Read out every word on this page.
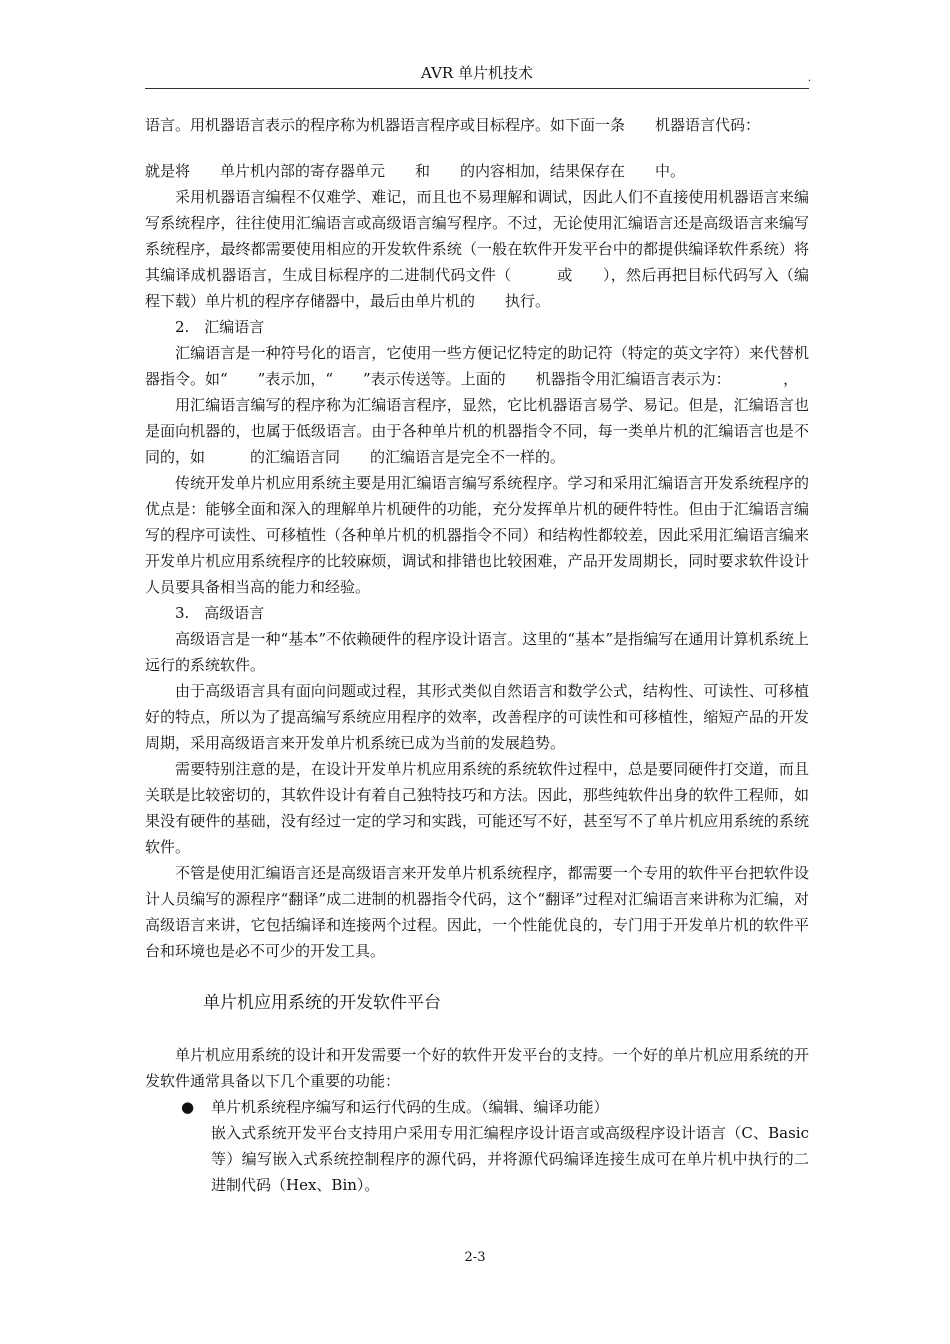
AVR 单片机技术	.

语言。用机器语言表示的程序称为机器语言程序或目标程序。如下面一条　　机器语言代码：

就是将　　单片机内部的寄存器单元　　和　　的内容相加，结果保存在　　中。

采用机器语言编程不仅难学、难记，而且也不易理解和调试，因此人们不直接使用机器语言来编写系统程序，往往使用汇编语言或高级语言编写程序。不过，无论使用汇编语言还是高级语言来编写系统程序，最终都需要使用相应的开发软件系统（一般在软件开发平台中的都提供编译软件系统）将其编译成机器语言，生成目标程序的二进制代码文件（　　　或　　），然后再把目标代码写入（编程下载）单片机的程序存储器中，最后由单片机的　　执行。

2.　汇编语言

汇编语言是一种符号化的语言，它使用一些方便记忆特定的助记符（特定的英文字符）来代替机器指令。如“　　”表示加，“　　”表示传送等。上面的　　机器指令用汇编语言表示为：　　　　，

用汇编语言编写的程序称为汇编语言程序，显然，它比机器语言易学、易记。但是，汇编语言也是面向机器的，也属于低级语言。由于各种单片机的机器指令不同，每一类单片机的汇编语言也是不同的，如　　　的汇编语言同　　的汇编语言是完全不一样的。

传统开发单片机应用系统主要是用汇编语言编写系统程序。学习和采用汇编语言开发系统程序的优点是：能够全面和深入的理解单片机硬件的功能，充分发挥单片机的硬件特性。但由于汇编语言编写的程序可读性、可移植性（各种单片机的机器指令不同）和结构性都较差，因此采用汇编语言编来开发单片机应用系统程序的比较麻烦，调试和排错也比较困难，产品开发周期长，同时要求软件设计人员要具备相当高的能力和经验。

3.　高级语言

高级语言是一种“基本”不依赖硬件的程序设计语言。这里的“基本”是指编写在通用计算机系统上远行的系统软件。

由于高级语言具有面向问题或过程，其形式类似自然语言和数学公式，结构性、可读性、可移植好的特点，所以为了提高编写系统应用程序的效率，改善程序的可读性和可移植性，缩短产品的开发周期，采用高级语言来开发单片机系统已成为当前的发展趋势。

需要特别注意的是，在设计开发单片机应用系统的系统软件过程中，总是要同硬件打交道，而且关联是比较密切的，其软件设计有着自己独特技巧和方法。因此，那些纯软件出身的软件工程师，如果没有硬件的基础，没有经过一定的学习和实践，可能还写不好，甚至写不了单片机应用系统的系统软件。

不管是使用汇编语言还是高级语言来开发单片机系统程序，都需要一个专用的软件平台把软件设计人员编写的源程序“翻译”成二进制的机器指令代码，这个“翻译”过程对汇编语言来讲称为汇编，对高级语言来讲，它包括编译和连接两个过程。因此，一个性能优良的，专门用于开发单片机的软件平台和环境也是必不可少的开发工具。

单片机应用系统的开发软件平台

单片机应用系统的设计和开发需要一个好的软件开发平台的支持。一个好的单片机应用系统的开发软件通常具备以下几个重要的功能：

● 单片机系统程序编写和运行代码的生成。（编辑、编译功能）

嵌入式系统开发平台支持用户采用专用汇编程序设计语言或高级程序设计语言（C、Basic 等）编写嵌入式系统控制程序的源代码，并将源代码编译连接生成可在单片机中执行的二进制代码（Hex、Bin）。

2-3
